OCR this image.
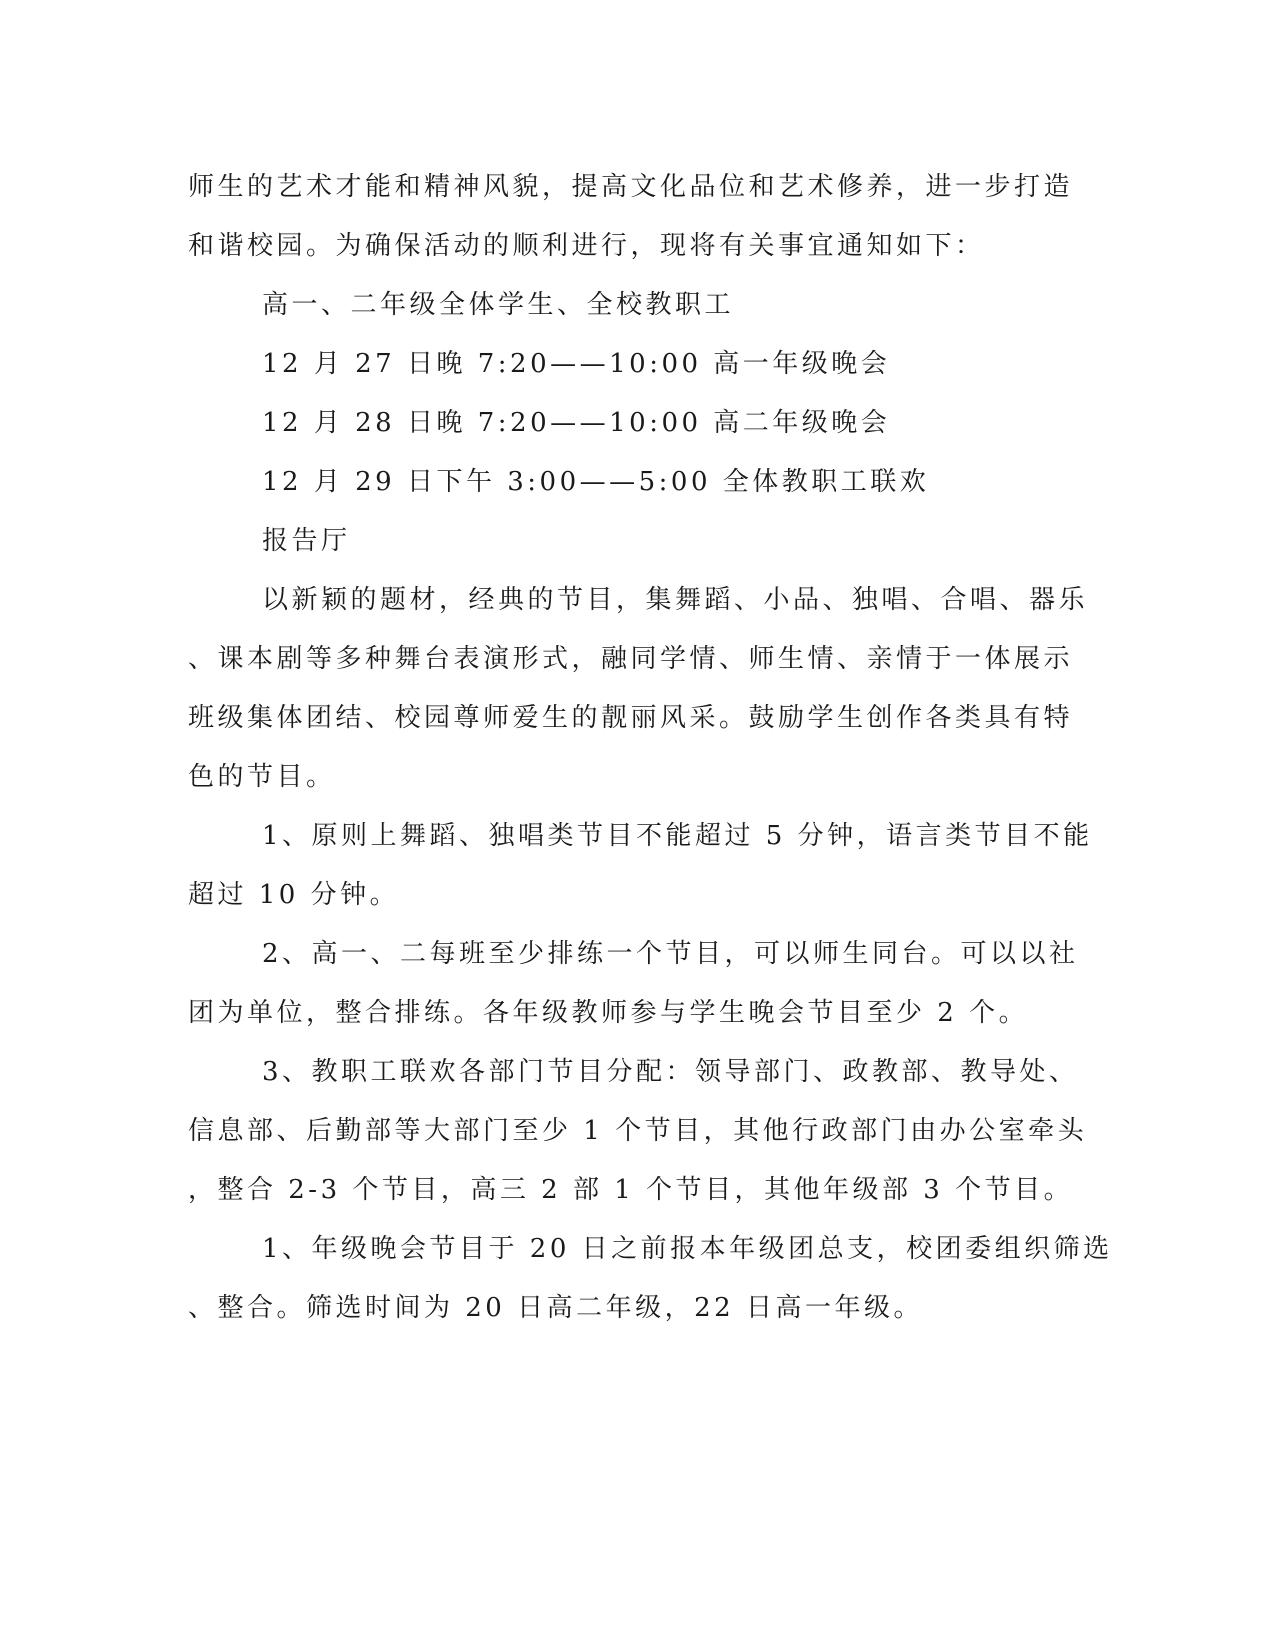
师生的艺术才能和精神风貌，提高文化品位和艺术修养，进一步打造
和谐校园。为确保活动的顺利进行，现将有关事宜通知如下：
高一、二年级全体学生、全校教职工
12 月 27 日晚 7:20——10:00 高一年级晚会
12 月 28 日晚 7:20——10:00 高二年级晚会
12 月 29 日下午 3:00——5:00 全体教职工联欢
报告厅
以新颖的题材，经典的节目，集舞蹈、小品、独唱、合唱、器乐
、课本剧等多种舞台表演形式，融同学情、师生情、亲情于一体展示
班级集体团结、校园尊师爱生的靓丽风采。鼓励学生创作各类具有特
色的节目。
1、原则上舞蹈、独唱类节目不能超过 5 分钟，语言类节目不能
超过 10 分钟。
2、高一、二每班至少排练一个节目，可以师生同台。可以以社
团为单位，整合排练。各年级教师参与学生晚会节目至少 2 个。
3、教职工联欢各部门节目分配：领导部门、政教部、教导处、
信息部、后勤部等大部门至少 1 个节目，其他行政部门由办公室牵头
，整合 2-3 个节目，高三 2 部 1 个节目，其他年级部 3 个节目。
1、年级晚会节目于 20 日之前报本年级团总支，校团委组织筛选
、整合。筛选时间为 20 日高二年级，22 日高一年级。
